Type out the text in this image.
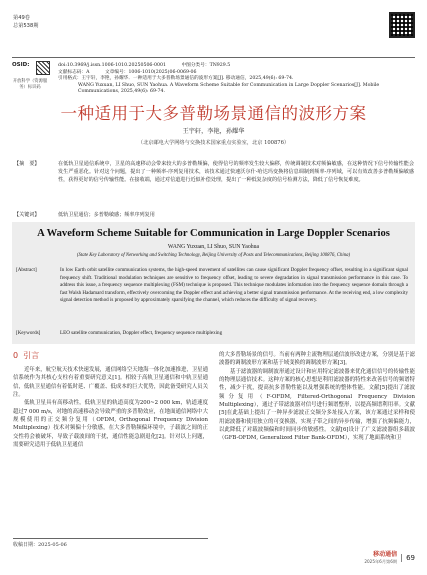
第49卷
总第538期
OSID:
开放科学（资源服务）标识码
doi:10.3969/j.issn.1006-1010.20250506-0001	中图分类号：TN929.5
文献标志码：A	文章编号：1006-1010(2025)06-0069-06
引用格式：王宇轩，李艳，孙耀华．一种适用于大多普勒场景通信的波形方案[J]. 移动通信，2025,49(6): 69-74.
WANG Yuxuan, LI Shuo, SUN Yaohua. A Waveform Scheme Suitable for Communication in Large Doppler Scenarios[J]. Mobile Communications, 2025,49(6): 69-74.
一种适用于大多普勒场景通信的波形方案
王宇轩，李艳，孙耀华
（北京邮电大学网络与交换技术国家重点实验室，北京 100876）
【摘　要】	在低轨卫星通信系统中，卫星的高速移动会带来较大的多普勒频偏，使得信号的频率发生较大偏移，传统调制技术对频偏敏感，在这种情况下信号传输性能会发生严重恶化。针对这个问题，提出了一种频率-序列复用技术，该技术通过快速沃尔什-哈达玛变换将信息调制到频率-序列域，可以有效改善多普勒频偏敏感性，获得更好的信号传输性能。在接收端，通过对信道进行近似补偿处理，提出了一种低复杂度的信号检测方法，降低了信号恢复难度。
【关键词】	低轨卫星通信；多普勒敏感；频率序列复用
A Waveform Scheme Suitable for Communication in Large Doppler Scenarios
WANG Yuxuan, LI Shuo, SUN Yaohua
(State Key Laboratory of Networking and Switching Technology, Beijing University of Posts and Telecommunications, Beijing 100876, China)
[Abstract]	In low Earth orbit satellite communication systems, the high-speed movement of satellites can cause significant Doppler frequency offset, resulting in a significant signal frequency shift. Traditional modulation techniques are sensitive to frequency offset, leading to severe degradation in signal transmission performance in this case. To address this issue, a frequency sequence multiplexing (FSM) technique is proposed. This technique modulates information into the frequency sequence domain through a fast Walsh Hadamard transform, effectively overcoming the Doppler effect and achieving a better signal transmission performance. At the receiving end, a low complexity signal detection method is proposed by approximately sparsifying the channel, which reduces the difficulty of signal recovery.
[Keywords]	LEO satellite communication, Doppler effect, frequency sequence multiplexing
0 引言

近年来，航空航天技术快速发展，通信网络空天地海一体化加速推进，卫星通信系统作为其核心支柱有着重要研究意义[1]。相较于高轨卫星通信和中轨卫星通信，低轨卫星通信有着低时延、广覆盖、低成本的巨大优势，因此备受研究人员关注。

低轨卫星具有高移动性，低轨卫星的轨道高度为200~2 000 km，轨道速度超过7 000 m/s，对地的高速移动会导致严重的多普勒效应，在地面通信网络中大规模使用的正交频分复用（OFDM, Orthogonal Frequency Division Multiplexing）技术对频偏十分敏感，在大多普勒频偏环境中，子载波之间的正交性将会被破坏，导致子载波间的干扰，通信性能急剧退化[2]。针对以上问题，需要研究适用于低轨卫星通信

的大多普勒场景的信号。当前有两种主流物理层通信波形改进方案，分别是基于滤波器的调制波形方案和基于域变换的调制波形方案[3]。

基于滤波器的调制波形通过设计和应用特定滤波器来优化通信信号的传输性能的物理层通信技术。这种方案的核心思想是利用滤波器的特性来改善信号的频谱特性，减少干扰，提高抗多普勒性能以及增强系统的整体性能。文献[5]提出了滤波频分复用（F-OFDM, Filtered-Orthogonal Frequency Division Multiplexing），通过子带滤波器对信号进行频谱整形，以提高频谱利用率。文献[5]在此基础上提出了一种异步滤波正交频分多址接入方案，该方案通过采样和使用滤波器和使用独立的可变换器，实现子带之间的异步传输，增强了抗频偏能力，以此降低了对载波频偏和时间同步的敏感性。文献[6]设计了广义滤波器组多载波（GFB-OFDM, Generalized Filter Bank-OFDM），实现了地面系统和卫

收稿日期：2025-05-06
移动通信
2025年6月第6期	69
